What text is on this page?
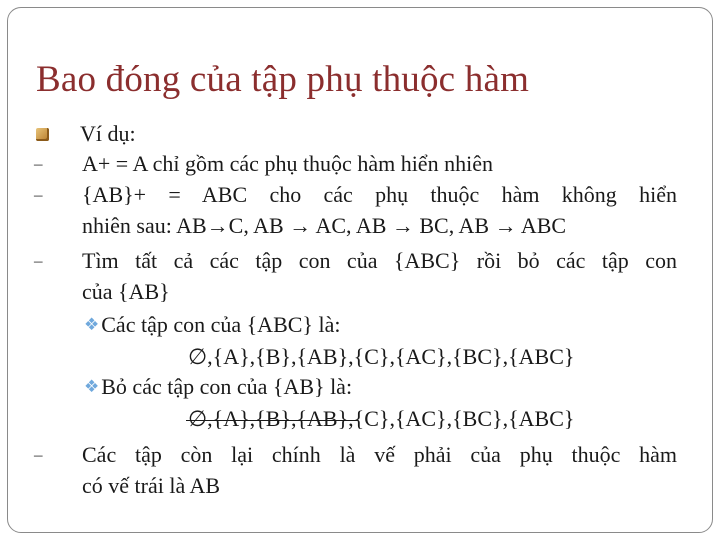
Bao đóng của tập phụ thuộc hàm
Ví dụ:
– A+ = A chỉ gồm các phụ thuộc hàm hiển nhiên
– {AB}+ = ABC cho các phụ thuộc hàm không hiển
nhiên sau: AB→C, AB → AC, AB → BC, AB → ABC
– Tìm tất cả các tập con của {ABC} rồi bỏ các tập con
của {AB}
❖Các tập con của {ABC} là:
∅,{A},{B},{AB},{C},{AC},{BC},{ABC}
❖Bỏ các tập con của {AB} là:
∅,{A},{B},{AB},{C},{AC},{BC},{ABC}
– Các tập còn lại chính là vế phải của phụ thuộc hàm
có vế trái là AB
